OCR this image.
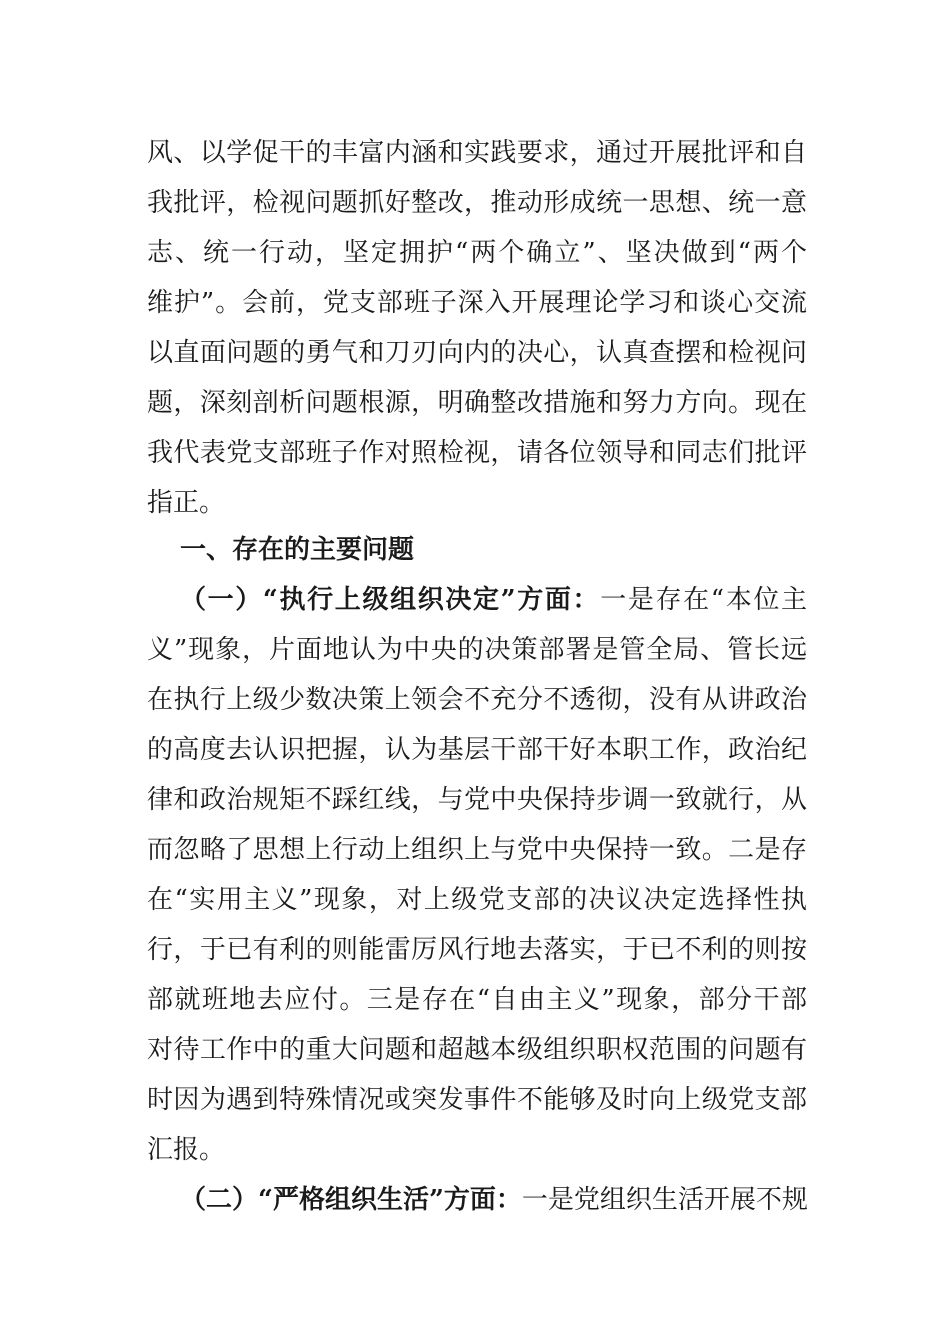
风、以学促干的丰富内涵和实践要求，通过开展批评和自
我批评，检视问题抓好整改，推动形成统一思想、统一意
志、统一行动，坚定拥护“两个确立”、坚决做到“两个
维护”。会前，党支部班子深入开展理论学习和谈心交流
以直面问题的勇气和刀刃向内的决心，认真查摆和检视问
题，深刻剖析问题根源，明确整改措施和努力方向。现在
我代表党支部班子作对照检视，请各位领导和同志们批评
指正。
一、存在的主要问题
（一）“执行上级组织决定”方面：一是存在“本位主
义”现象，片面地认为中央的决策部署是管全局、管长远
在执行上级少数决策上领会不充分不透彻，没有从讲政治
的高度去认识把握，认为基层干部干好本职工作，政治纪
律和政治规矩不踩红线，与党中央保持步调一致就行，从
而忽略了思想上行动上组织上与党中央保持一致。二是存
在“实用主义”现象，对上级党支部的决议决定选择性执
行，于已有利的则能雷厉风行地去落实，于已不利的则按
部就班地去应付。三是存在“自由主义”现象，部分干部
对待工作中的重大问题和超越本级组织职权范围的问题有
时因为遇到特殊情况或突发事件不能够及时向上级党支部
汇报。
（二）“严格组织生活”方面：一是党组织生活开展不规
